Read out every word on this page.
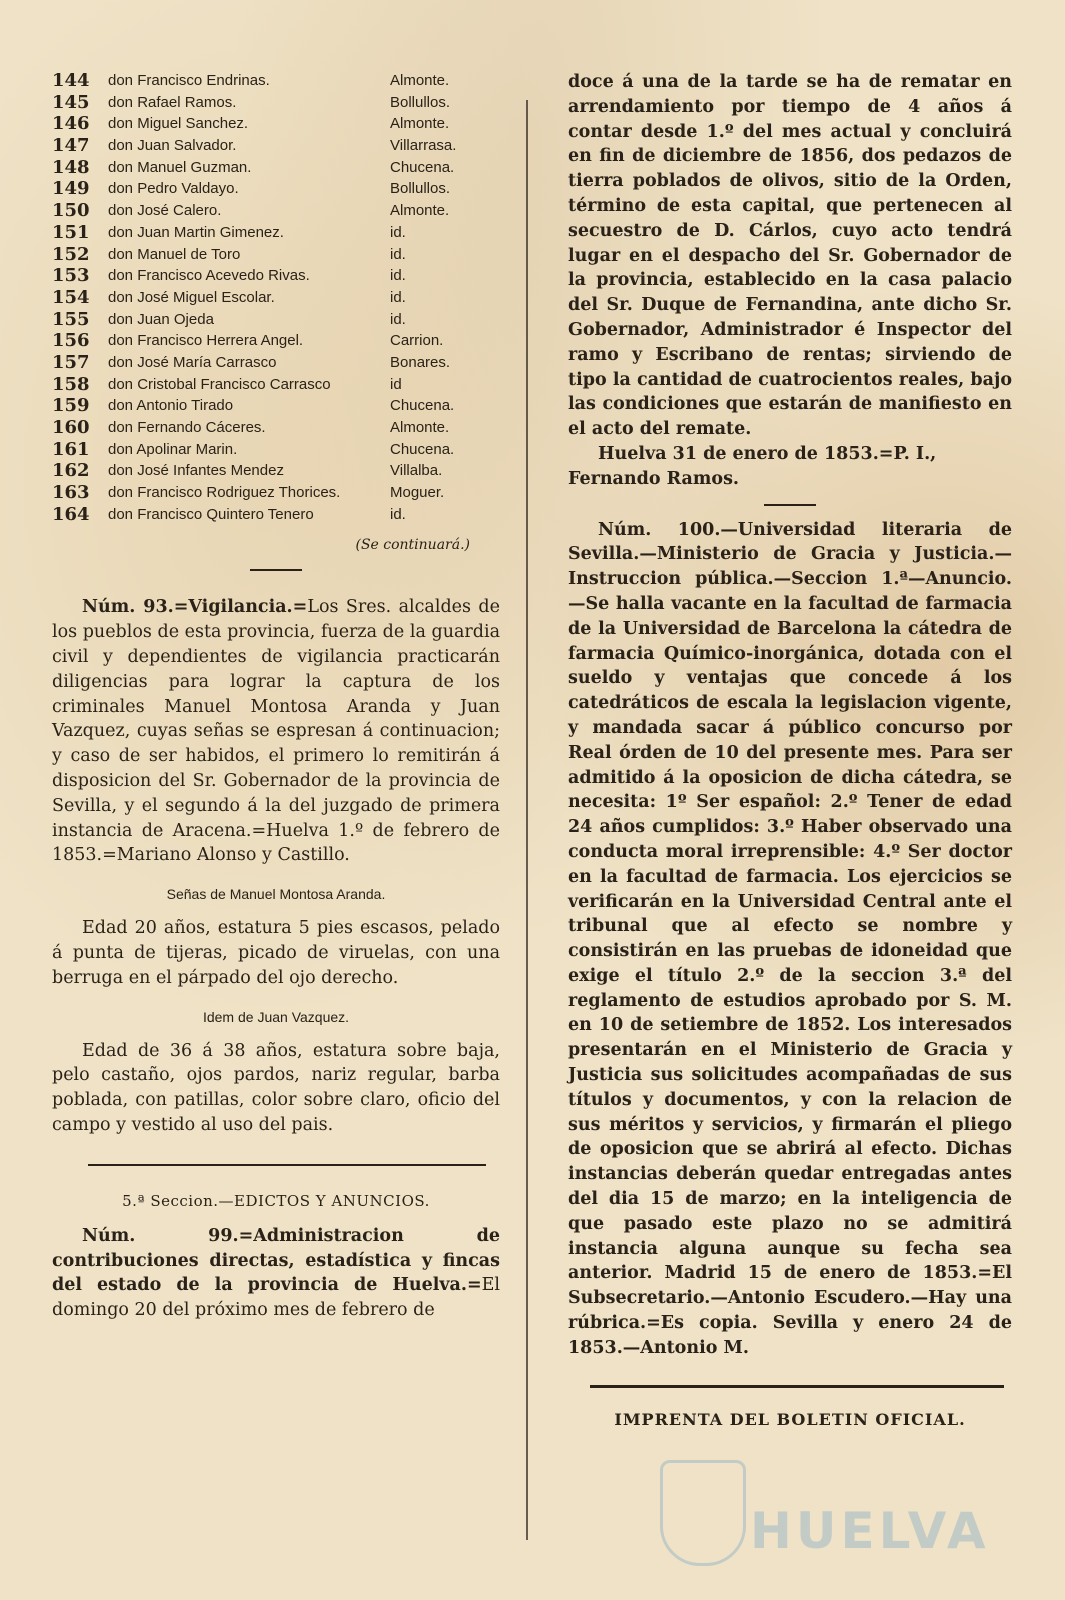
144	don Francisco Endrinas.	Almonte.
145	don Rafael Ramos.	Bollullos.
146	don Miguel Sanchez.	Almonte.
147	don Juan Salvador.	Villarrasa.
148	don Manuel Guzman.	Chucena.
149	don Pedro Valdayo.	Bollullos.
150	don José Calero.	Almonte.
151	don Juan Martin Gimenez.	id.
152	don Manuel de Toro	id.
153	don Francisco Acevedo Rivas.	id.
154	don José Miguel Escolar.	id.
155	don Juan Ojeda	id.
156	don Francisco Herrera Angel.	Carrion.
157	don José María Carrasco	Bonares.
158	don Cristobal Francisco Carrasco	id
159	don Antonio Tirado	Chucena.
160	don Fernando Cáceres.	Almonte.
161	don Apolinar Marin.	Chucena.
162	don José Infantes Mendez	Villalba.
163	don Francisco Rodriguez Thorices.	Moguer.
164	don Francisco Quintero Tenero	id.
(Se continuará.)

Núm. 93.=Vigilancia.=Los Sres. alcaldes de los pueblos de esta provincia, fuerza de la guardia civil y dependientes de vigilancia practicarán diligencias para lograr la captura de los criminales Manuel Montosa Aranda y Juan Vazquez, cuyas señas se espresan á continuacion; y caso de ser habidos, el primero lo remitirán á disposicion del Sr. Gobernador de la provincia de Sevilla, y el segundo á la del juzgado de primera instancia de Aracena.=Huelva 1.º de febrero de 1853.=Mariano Alonso y Castillo.

Señas de Manuel Montosa Aranda.

Edad 20 años, estatura 5 pies escasos, pelado á punta de tijeras, picado de viruelas, con una berruga en el párpado del ojo derecho.

Idem de Juan Vazquez.

Edad de 36 á 38 años, estatura sobre baja, pelo castaño, ojos pardos, nariz regular, barba poblada, con patillas, color sobre claro, oficio del campo y vestido al uso del pais.

5.ª Seccion.—EDICTOS Y ANUNCIOS.

Núm. 99.=Administracion de contribuciones directas, estadística y fincas del estado de la provincia de Huelva.=El domingo 20 del próximo mes de febrero de

doce á una de la tarde se ha de rematar en arrendamiento por tiempo de 4 años á contar desde 1.º del mes actual y concluirá en fin de diciembre de 1856, dos pedazos de tierra poblados de olivos, sitio de la Orden, término de esta capital, que pertenecen al secuestro de D. Cárlos, cuyo acto tendrá lugar en el despacho del Sr. Gobernador de la provincia, establecido en la casa palacio del Sr. Duque de Fernandina, ante dicho Sr. Gobernador, Administrador é Inspector del ramo y Escribano de rentas; sirviendo de tipo la cantidad de cuatrocientos reales, bajo las condiciones que estarán de manifiesto en el acto del remate.

Huelva 31 de enero de 1853.=P. I., Fernando Ramos.

Núm. 100.—Universidad literaria de Sevilla.—Ministerio de Gracia y Justicia.—Instruccion pública.—Seccion 1.ª—Anuncio.—Se halla vacante en la facultad de farmacia de la Universidad de Barcelona la cátedra de farmacia Químico-inorgánica, dotada con el sueldo y ventajas que concede á los catedráticos de escala la legislacion vigente, y mandada sacar á público concurso por Real órden de 10 del presente mes. Para ser admitido á la oposicion de dicha cátedra, se necesita: 1º Ser español: 2.º Tener de edad 24 años cumplidos: 3.º Haber observado una conducta moral irreprensible: 4.º Ser doctor en la facultad de farmacia. Los ejercicios se verificarán en la Universidad Central ante el tribunal que al efecto se nombre y consistirán en las pruebas de idoneidad que exige el título 2.º de la seccion 3.ª del reglamento de estudios aprobado por S. M. en 10 de setiembre de 1852. Los interesados presentarán en el Ministerio de Gracia y Justicia sus solicitudes acompañadas de sus títulos y documentos, y con la relacion de sus méritos y servicios, y firmarán el pliego de oposicion que se abrirá al efecto. Dichas instancias deberán quedar entregadas antes del dia 15 de marzo; en la inteligencia de que pasado este plazo no se admitirá instancia alguna aunque su fecha sea anterior. Madrid 15 de enero de 1853.=El Subsecretario.—Antonio Escudero.—Hay una rúbrica.=Es copia. Sevilla y enero 24 de 1853.—Antonio M.

IMPRENTA DEL BOLETIN OFICIAL.

HUELVA
